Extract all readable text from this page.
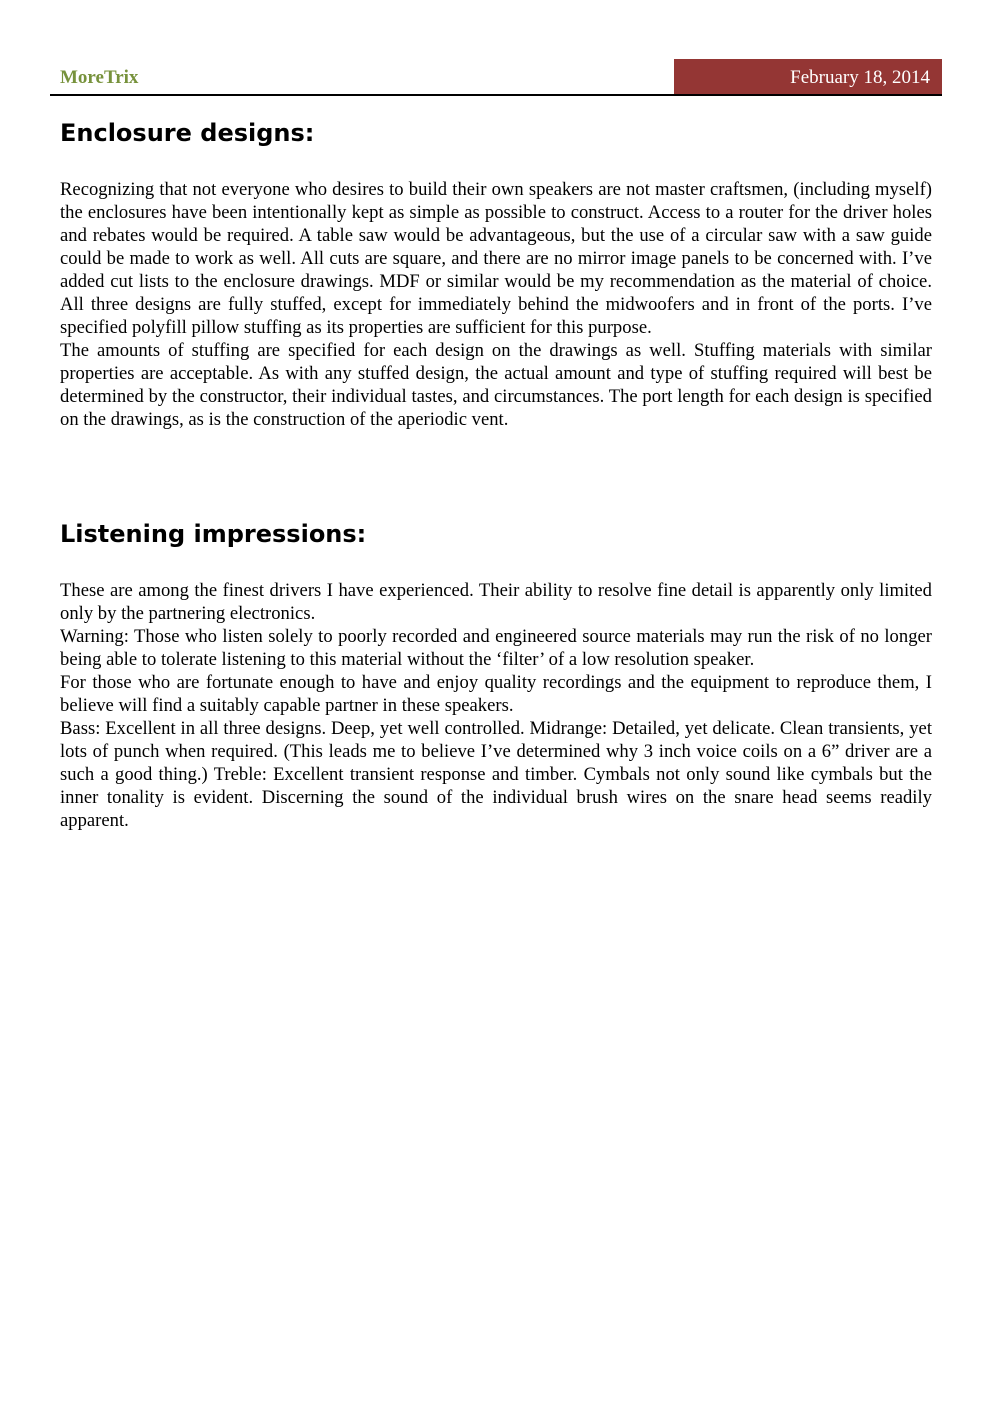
MoreTrix	February 18, 2014
Enclosure designs:

Recognizing that not everyone who desires to build their own speakers are not master craftsmen, (including myself) the enclosures have been intentionally kept as simple as possible to construct. Access to a router for the driver holes and rebates would be required. A table saw would be advantageous, but the use of a circular saw with a saw guide could be made to work as well. All cuts are square, and there are no mirror image panels to be concerned with. I’ve added cut lists to the enclosure drawings. MDF or similar would be my recommendation as the material of choice. All three designs are fully stuffed, except for immediately behind the midwoofers and in front of the ports. I’ve specified polyfill pillow stuffing as its properties are sufficient for this purpose.

The amounts of stuffing are specified for each design on the drawings as well. Stuffing materials with similar properties are acceptable. As with any stuffed design, the actual amount and type of stuffing required will best be determined by the constructor, their individual tastes, and circumstances. The port length for each design is specified on the drawings, as is the construction of the aperiodic vent.

Listening impressions:

These are among the finest drivers I have experienced. Their ability to resolve fine detail is apparently only limited only by the partnering electronics.

Warning: Those who listen solely to poorly recorded and engineered source materials may run the risk of no longer being able to tolerate listening to this material without the ‘filter’ of a low resolution speaker.

For those who are fortunate enough to have and enjoy quality recordings and the equipment to reproduce them, I believe will find a suitably capable partner in these speakers.

Bass: Excellent in all three designs. Deep, yet well controlled. Midrange: Detailed, yet delicate. Clean transients, yet lots of punch when required. (This leads me to believe I’ve determined why 3 inch voice coils on a 6” driver are a such a good thing.) Treble: Excellent transient response and timber. Cymbals not only sound like cymbals but the inner tonality is evident. Discerning the sound of the individual brush wires on the snare head seems readily apparent.
